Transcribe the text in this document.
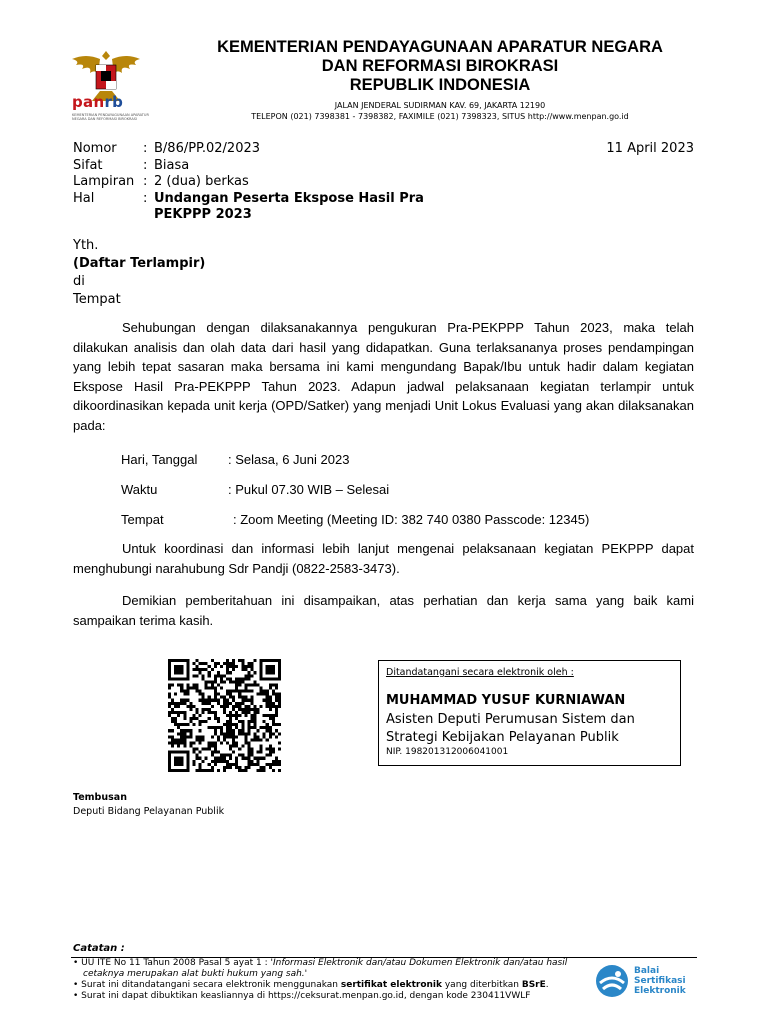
panrb
KEMENTERIAN PENDAYAGUNAAN APARATUR NEGARA DAN REFORMASI BIROKRASI
KEMENTERIAN PENDAYAGUNAAN APARATUR NEGARA
DAN REFORMASI BIROKRASI
REPUBLIK INDONESIA
JALAN JENDERAL SUDIRMAN KAV. 69, JAKARTA 12190
TELEPON (021) 7398381 - 7398382, FAXIMILE (021) 7398323, SITUS http://www.menpan.go.id
Nomor	: B/86/PP.02/2023
Sifat	: Biasa
Lampiran : 2 (dua) berkas
Hal	: Undangan Peserta Ekspose Hasil Pra PEKPPP 2023
11 April 2023
Yth.
(Daftar Terlampir)
di
Tempat
Sehubungan dengan dilaksanakannya pengukuran Pra-PEKPPP Tahun 2023, maka telah dilakukan analisis dan olah data dari hasil yang didapatkan. Guna terlaksananya proses pendampingan yang lebih tepat sasaran maka bersama ini kami mengundang Bapak/Ibu untuk hadir dalam kegiatan Ekspose Hasil Pra-PEKPPP Tahun 2023. Adapun jadwal pelaksanaan kegiatan terlampir untuk dikoordinasikan kepada unit kerja (OPD/Satker) yang menjadi Unit Lokus Evaluasi yang akan dilaksanakan pada:
Hari, Tanggal : Selasa, 6 Juni 2023
Waktu	: Pukul 07.30 WIB – Selesai
Tempat	: Zoom Meeting (Meeting ID: 382 740 0380 Passcode: 12345)
Untuk koordinasi dan informasi lebih lanjut mengenai pelaksanaan kegiatan PEKPPP dapat menghubungi narahubung Sdr Pandji (0822-2583-3473).
Demikian pemberitahuan ini disampaikan, atas perhatian dan kerja sama yang baik kami sampaikan terima kasih.
Ditandatangani secara elektronik oleh :
MUHAMMAD YUSUF KURNIAWAN
Asisten Deputi Perumusan Sistem dan Strategi Kebijakan Pelayanan Publik
NIP. 198201312006041001
Tembusan
Deputi Bidang Pelayanan Publik
Catatan :
• UU ITE No 11 Tahun 2008 Pasal 5 ayat 1 : 'Informasi Elektronik dan/atau Dokumen Elektronik dan/atau hasil cetaknya merupakan alat bukti hukum yang sah.'
• Surat ini ditandatangani secara elektronik menggunakan sertifikat elektronik yang diterbitkan BSrE.
• Surat ini dapat dibuktikan keasliannya di https://ceksurat.menpan.go.id, dengan kode 230411VWLF
Balai
Sertifikasi
Elektronik
